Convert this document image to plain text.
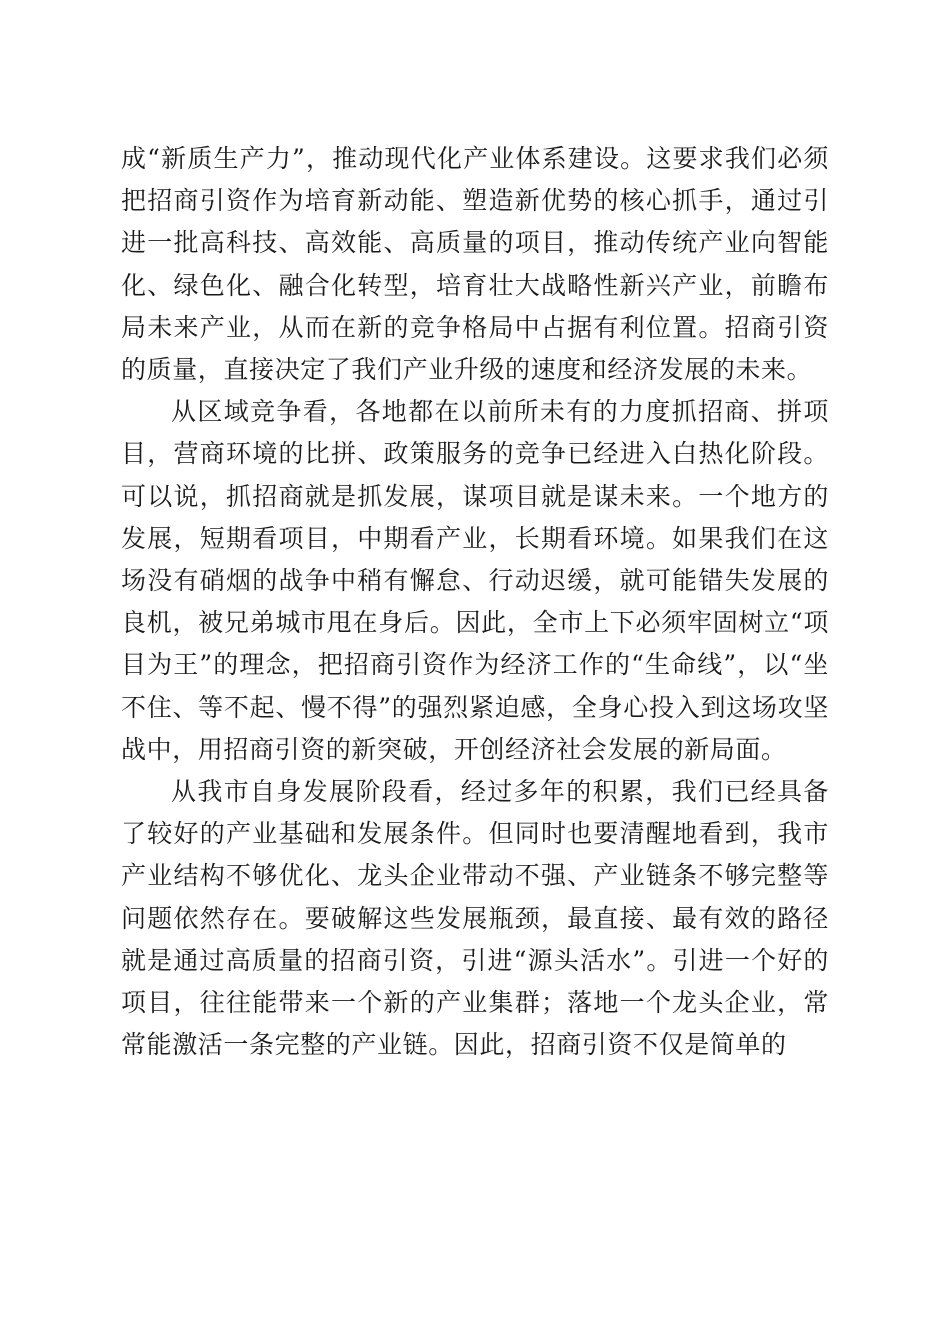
成“新质生产力”，推动现代化产业体系建设。这要求我们必须把招商引资作为培育新动能、塑造新优势的核心抓手，通过引进一批高科技、高效能、高质量的项目，推动传统产业向智能化、绿色化、融合化转型，培育壮大战略性新兴产业，前瞻布局未来产业，从而在新的竞争格局中占据有利位置。招商引资的质量，直接决定了我们产业升级的速度和经济发展的未来。

从区域竞争看，各地都在以前所未有的力度抓招商、拼项目，营商环境的比拼、政策服务的竞争已经进入白热化阶段。可以说，抓招商就是抓发展，谋项目就是谋未来。一个地方的发展，短期看项目，中期看产业，长期看环境。如果我们在这场没有硝烟的战争中稍有懈怠、行动迟缓，就可能错失发展的良机，被兄弟城市甩在身后。因此，全市上下必须牢固树立“项目为王”的理念，把招商引资作为经济工作的“生命线”，以“坐不住、等不起、慢不得”的强烈紧迫感，全身心投入到这场攻坚战中，用招商引资的新突破，开创经济社会发展的新局面。

从我市自身发展阶段看，经过多年的积累，我们已经具备了较好的产业基础和发展条件。但同时也要清醒地看到，我市产业结构不够优化、龙头企业带动不强、产业链条不够完整等问题依然存在。要破解这些发展瓶颈，最直接、最有效的路径就是通过高质量的招商引资，引进“源头活水”。引进一个好的项目，往往能带来一个新的产业集群；落地一个龙头企业，常常能激活一条完整的产业链。因此，招商引资不仅是简单的
